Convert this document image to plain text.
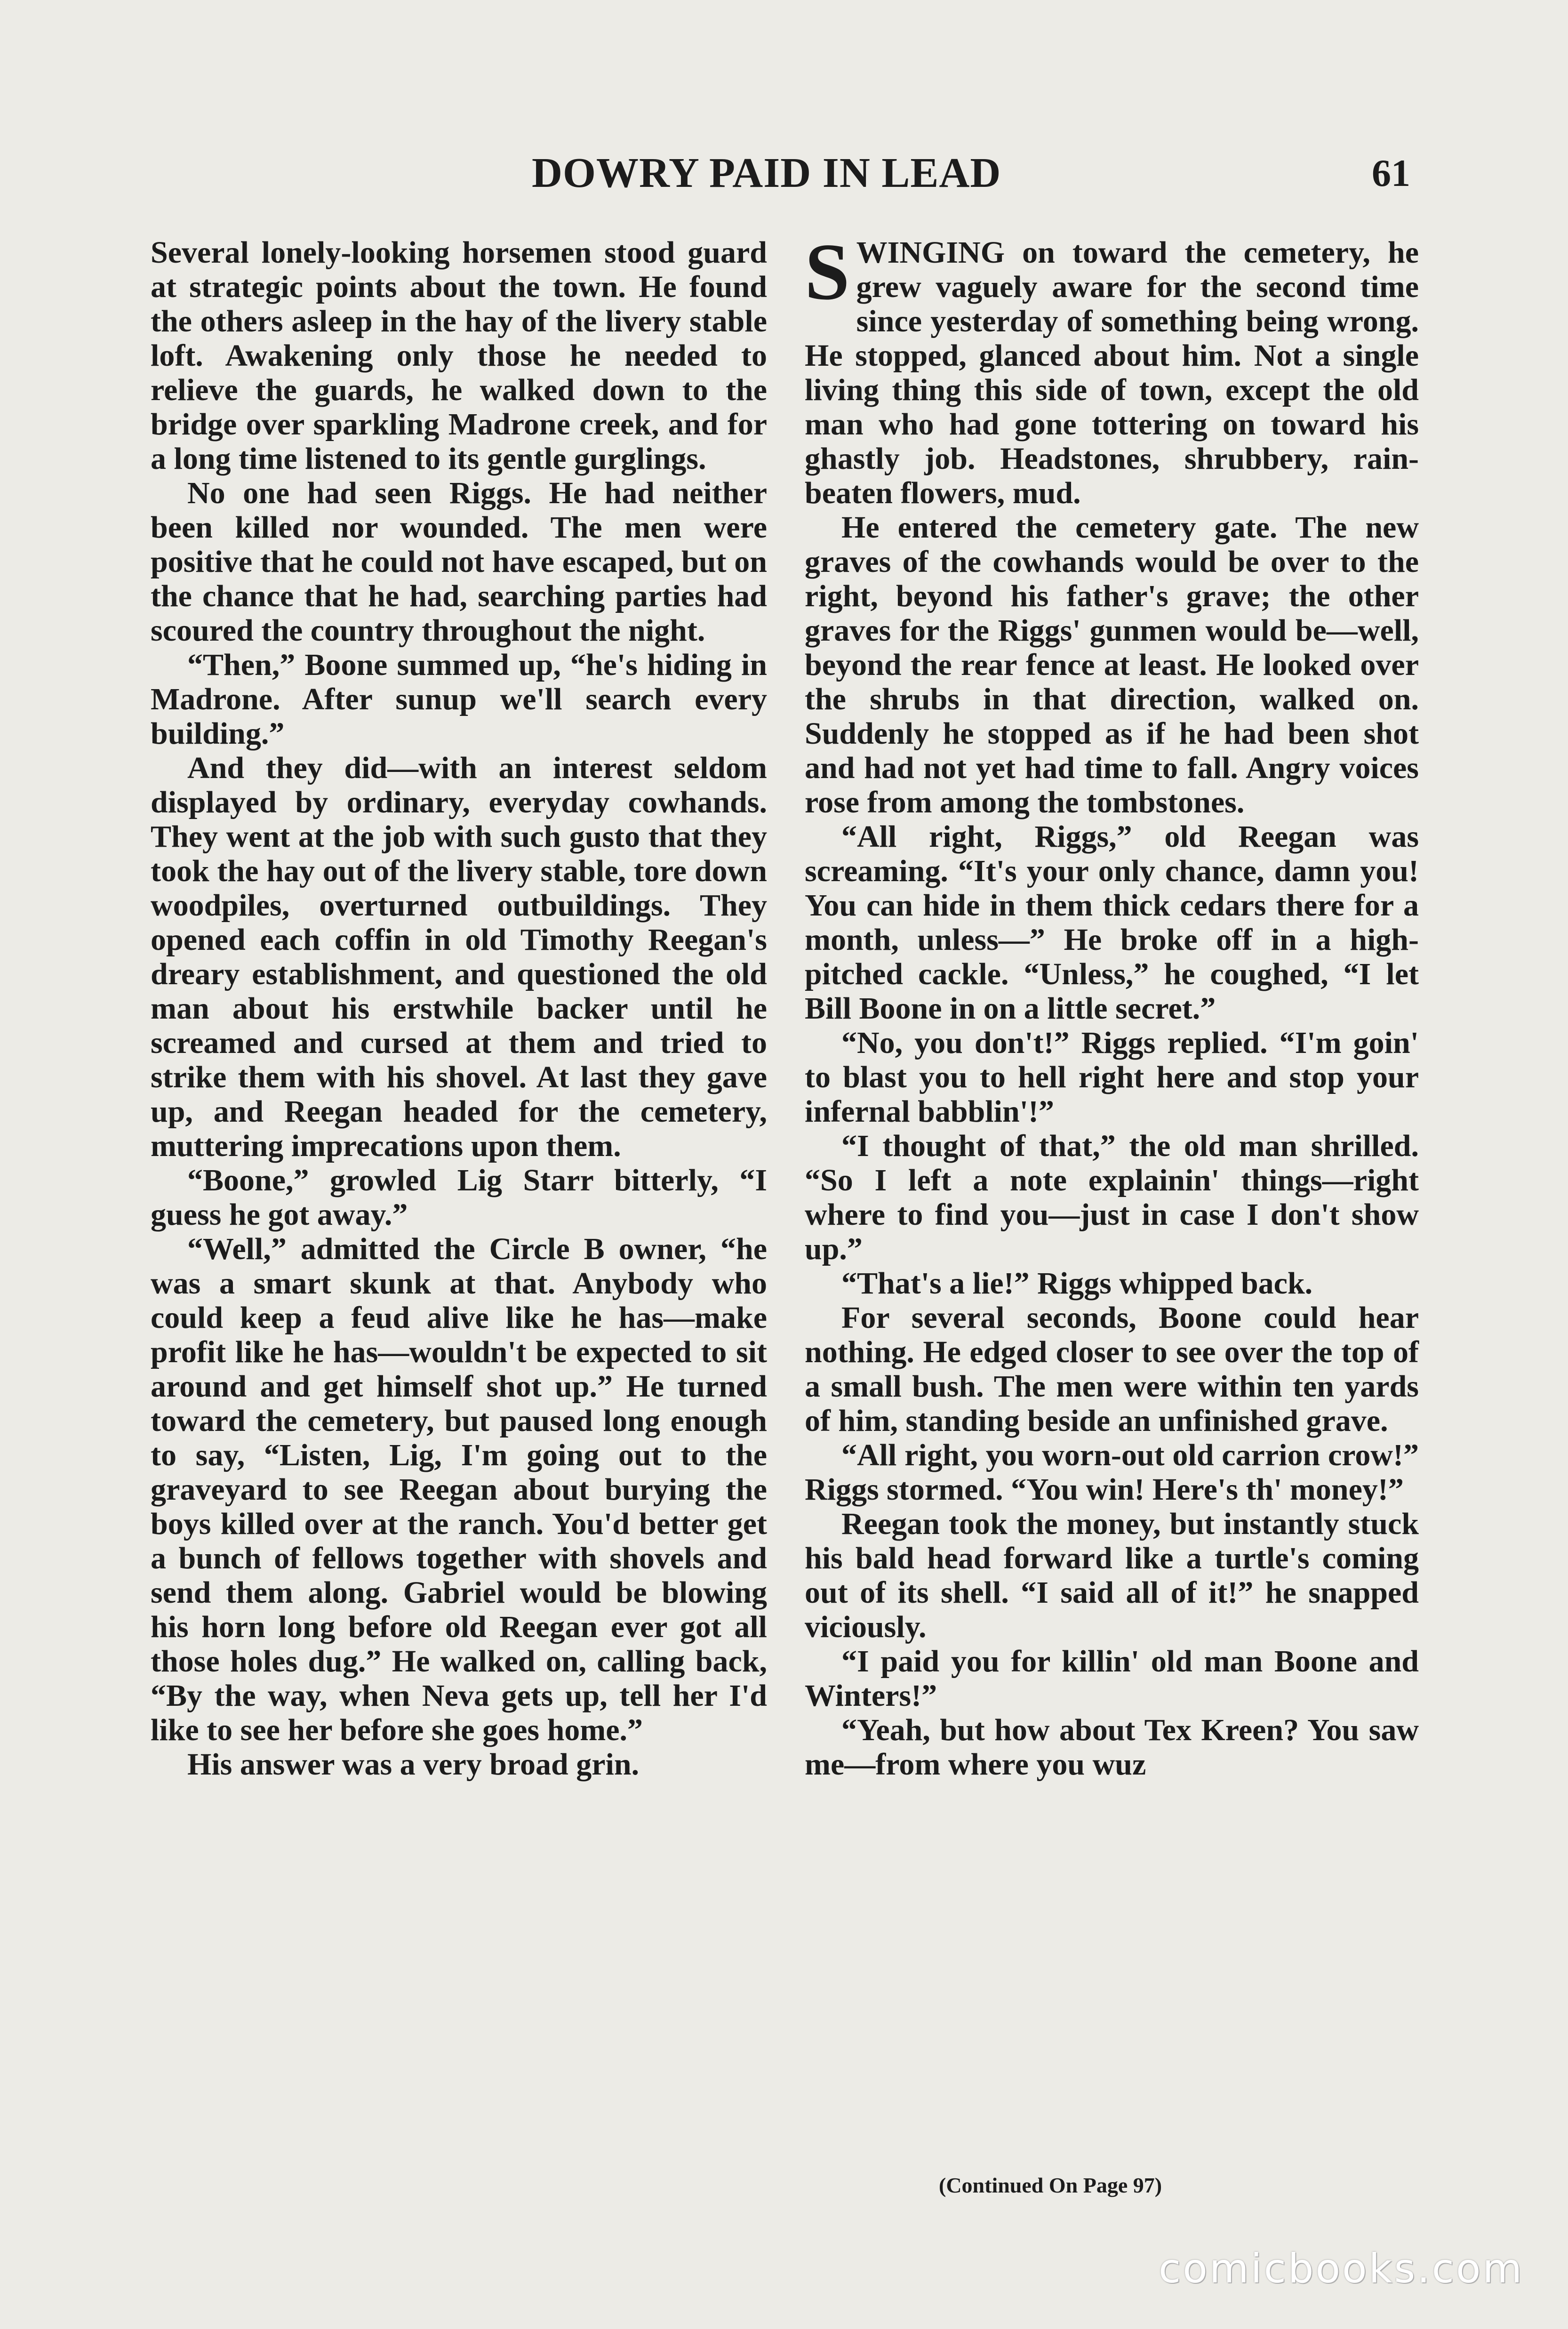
DOWRY PAID IN LEAD	61

Several lonely-looking horsemen stood guard at strategic points about the town. He found the others asleep in the hay of the livery stable loft. Awakening only those he needed to relieve the guards, he walked down to the bridge over sparkling Madrone creek, and for a long time listened to its gentle gurglings.

No one had seen Riggs. He had neither been killed nor wounded. The men were positive that he could not have escaped, but on the chance that he had, searching parties had scoured the country throughout the night.

“Then,” Boone summed up, “he's hiding in Madrone. After sunup we'll search every building.”

And they did—with an interest seldom displayed by ordinary, everyday cowhands. They went at the job with such gusto that they took the hay out of the livery stable, tore down woodpiles, overturned outbuildings. They opened each coffin in old Timothy Reegan's dreary establishment, and questioned the old man about his erstwhile backer until he screamed and cursed at them and tried to strike them with his shovel. At last they gave up, and Reegan headed for the cemetery, muttering imprecations upon them.

“Boone,” growled Lig Starr bitterly, “I guess he got away.”

“Well,” admitted the Circle B owner, “he was a smart skunk at that. Anybody who could keep a feud alive like he has—make profit like he has—wouldn't be expected to sit around and get himself shot up.” He turned toward the cemetery, but paused long enough to say, “Listen, Lig, I'm going out to the graveyard to see Reegan about burying the boys killed over at the ranch. You'd better get a bunch of fellows together with shovels and send them along. Gabriel would be blowing his horn long before old Reegan ever got all those holes dug.” He walked on, calling back, “By the way, when Neva gets up, tell her I'd like to see her before she goes home.”

His answer was a very broad grin.

SWINGING on toward the cemetery, he grew vaguely aware for the second time since yesterday of something being wrong. He stopped, glanced about him. Not a single living thing this side of town, except the old man who had gone tottering on toward his ghastly job. Headstones, shrubbery, rain-beaten flowers, mud.

He entered the cemetery gate. The new graves of the cowhands would be over to the right, beyond his father's grave; the other graves for the Riggs' gunmen would be—well, beyond the rear fence at least. He looked over the shrubs in that direction, walked on. Suddenly he stopped as if he had been shot and had not yet had time to fall. Angry voices rose from among the tombstones.

“All right, Riggs,” old Reegan was screaming. “It's your only chance, damn you! You can hide in them thick cedars there for a month, unless—” He broke off in a high-pitched cackle. “Unless,” he coughed, “I let Bill Boone in on a little secret.”

“No, you don't!” Riggs replied. “I'm goin' to blast you to hell right here and stop your infernal babblin'!”

“I thought of that,” the old man shrilled. “So I left a note explainin' things—right where to find you—just in case I don't show up.”

“That's a lie!” Riggs whipped back.

For several seconds, Boone could hear nothing. He edged closer to see over the top of a small bush. The men were within ten yards of him, standing beside an unfinished grave.

“All right, you worn-out old carrion crow!” Riggs stormed. “You win! Here's th' money!”

Reegan took the money, but instantly stuck his bald head forward like a turtle's coming out of its shell. “I said all of it!” he snapped viciously.

“I paid you for killin' old man Boone and Winters!”

“Yeah, but how about Tex Kreen? You saw me—from where you wuz

(Continued On Page 97)
comicbooks.com
